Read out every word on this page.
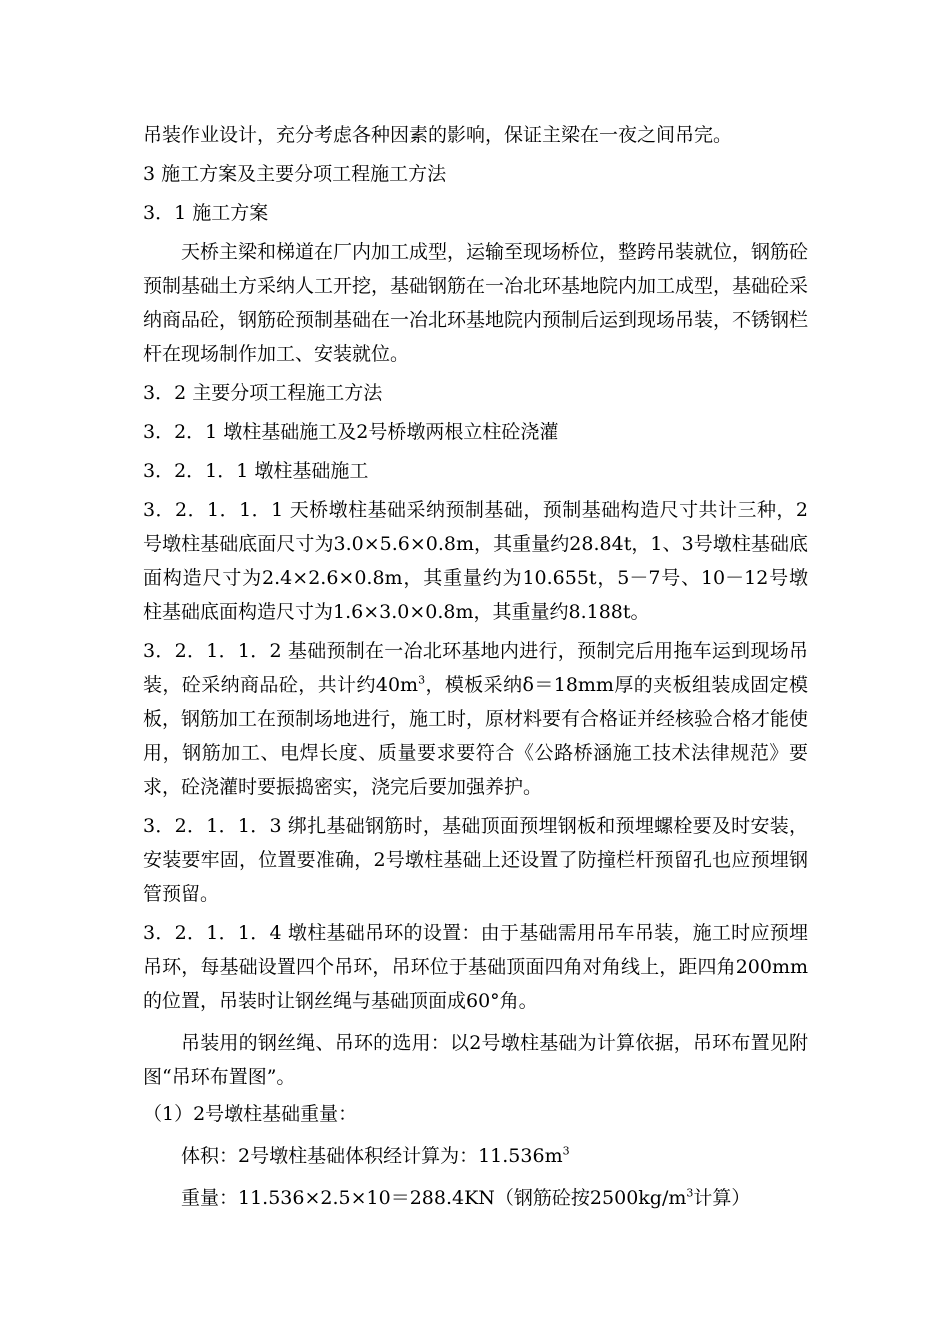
吊装作业设计，充分考虑各种因素的影响，保证主梁在一夜之间吊完。

3 施工方案及主要分项工程施工方法

3．1 施工方案

天桥主梁和梯道在厂内加工成型，运输至现场桥位，整跨吊装就位，钢筋砼预制基础土方采纳人工开挖，基础钢筋在一冶北环基地院内加工成型，基础砼采纳商品砼，钢筋砼预制基础在一冶北环基地院内预制后运到现场吊装，不锈钢栏杆在现场制作加工、安装就位。

3．2 主要分项工程施工方法

3．2．1 墩柱基础施工及2号桥墩两根立柱砼浇灌

3．2．1．1 墩柱基础施工

3．2．1．1．1 天桥墩柱基础采纳预制基础，预制基础构造尺寸共计三种，2号墩柱基础底面尺寸为3.0×5.6×0.8m，其重量约28.84t，1、3号墩柱基础底面构造尺寸为2.4×2.6×0.8m，其重量约为10.655t，5－7号、10－12号墩柱基础底面构造尺寸为1.6×3.0×0.8m，其重量约8.188t。

3．2．1．1．2 基础预制在一冶北环基地内进行，预制完后用拖车运到现场吊装，砼采纳商品砼，共计约$40m^3$，模板采纳δ＝18mm厚的夹板组装成固定模板，钢筋加工在预制场地进行，施工时，原材料要有合格证并经核验合格才能使用，钢筋加工、电焊长度、质量要求要符合《公路桥涵施工技术法律规范》要求，砼浇灌时要振捣密实，浇完后要加强养护。

3．2．1．1．3 绑扎基础钢筋时，基础顶面预埋钢板和预埋螺栓要及时安装，安装要牢固，位置要准确，2号墩柱基础上还设置了防撞栏杆预留孔也应预埋钢管预留。

3．2．1．1．4 墩柱基础吊环的设置：由于基础需用吊车吊装，施工时应预埋吊环，每基础设置四个吊环，吊环位于基础顶面四角对角线上，距四角200mm的位置，吊装时让钢丝绳与基础顶面成60°角。

吊装用的钢丝绳、吊环的选用：以2号墩柱基础为计算依据，吊环布置见附图“吊环布置图”。

（1）2号墩柱基础重量：

体积：2号墩柱基础体积经计算为：$11.536m^3$

重量：11.536×2.5×10＝288.4KN（钢筋砼按$2500kg/m^3$计算）
